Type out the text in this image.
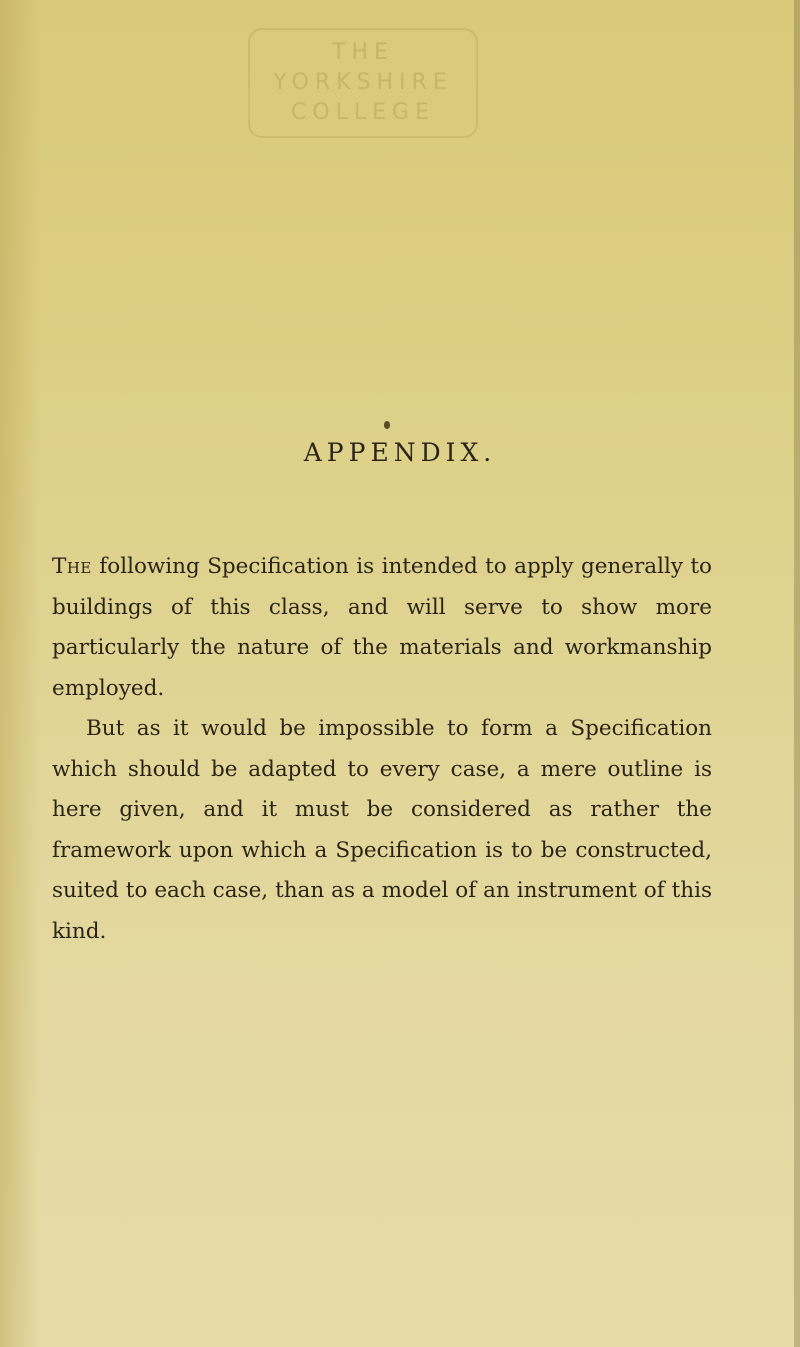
THE
YORKSHIRE
COLLEGE
APPENDIX.

The following Specification is intended to apply generally to buildings of this class, and will serve to show more particularly the nature of the materials and workmanship employed.

But as it would be impossible to form a Specification which should be adapted to every case, a mere outline is here given, and it must be considered as rather the framework upon which a Specification is to be constructed, suited to each case, than as a model of an instrument of this kind.
